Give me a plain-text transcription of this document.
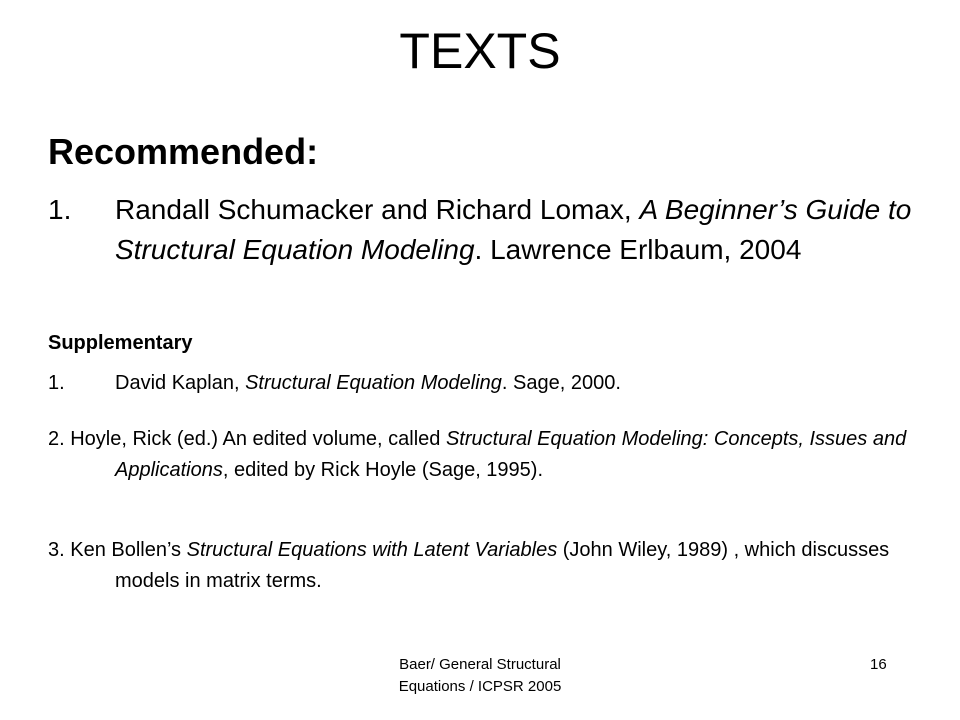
TEXTS
Recommended:
1. Randall Schumacker and Richard Lomax, A Beginner’s Guide to Structural Equation Modeling. Lawrence Erlbaum, 2004
Supplementary
1.	David Kaplan, Structural Equation Modeling. Sage, 2000.
2. Hoyle, Rick (ed.) An edited volume, called Structural Equation Modeling: Concepts, Issues and Applications, edited by Rick Hoyle (Sage, 1995).
3. Ken Bollen’s Structural Equations with Latent Variables (John Wiley, 1989) , which discusses models in matrix terms.
Baer/ General Structural
Equations / ICPSR 2005
16
